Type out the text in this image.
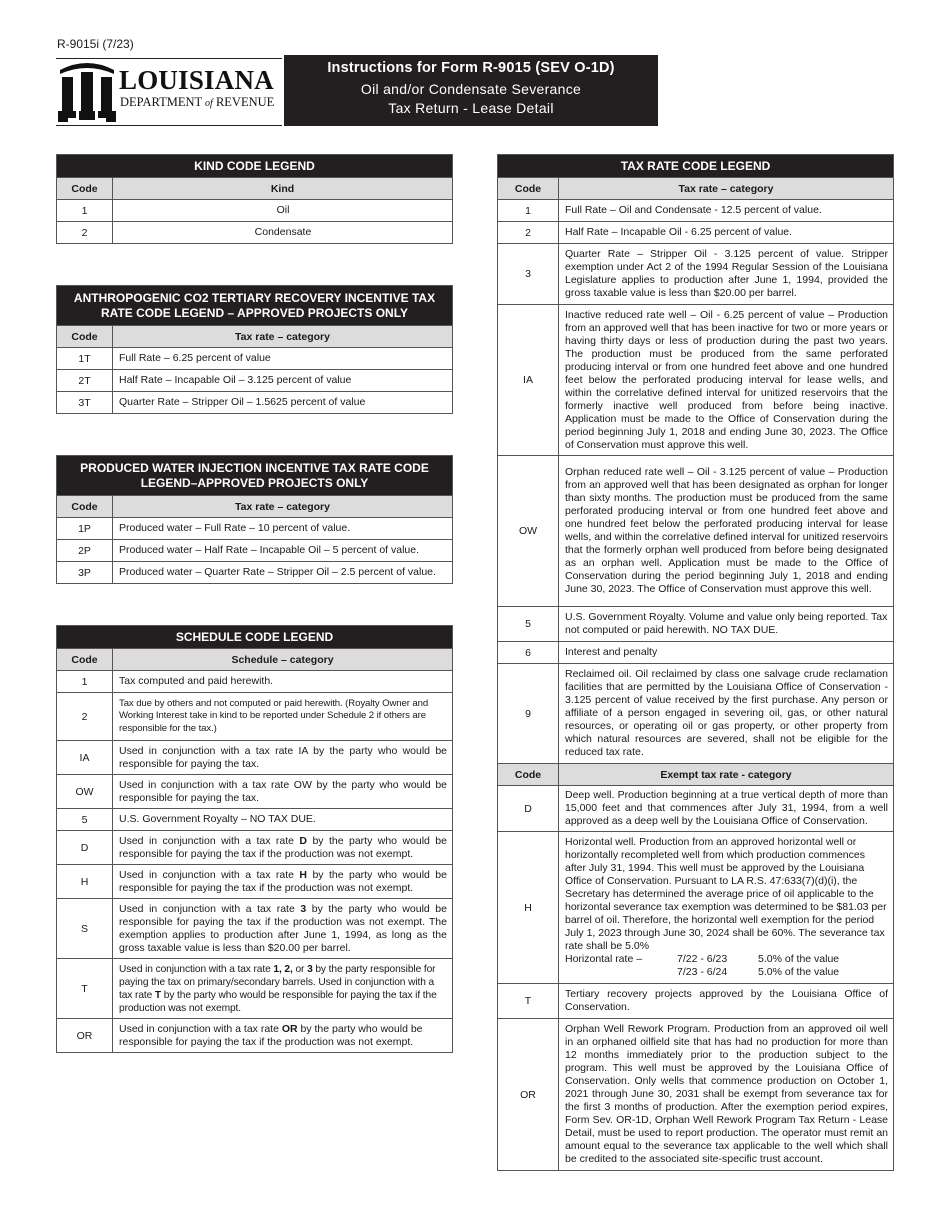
R-9015i (7/23)
LOUISIANA
DEPARTMENT of REVENUE
Instructions for Form R-9015 (SEV O-1D)
Oil and/or Condensate Severance
Tax Return - Lease Detail
KIND CODE LEGEND	
Code	Kind
1	Oil
2	Condensate
ANTHROPOGENIC CO2 TERTIARY RECOVERY INCENTIVE TAX RATE CODE LEGEND – APPROVED PROJECTS ONLY	
Code	Tax rate – category
1T	Full Rate – 6.25 percent of value
2T	Half Rate – Incapable Oil – 3.125 percent of value
3T	Quarter Rate – Stripper Oil – 1.5625 percent of value
PRODUCED WATER INJECTION INCENTIVE TAX RATE CODE LEGEND–APPROVED PROJECTS ONLY	
Code	Tax rate – category
1P	Produced water – Full Rate – 10 percent of value.
2P	Produced water – Half Rate – Incapable Oil – 5 percent of value.
3P	Produced water – Quarter Rate – Stripper Oil – 2.5 percent of value.
SCHEDULE CODE LEGEND	
Code	Schedule – category
1	Tax computed and paid herewith.
2	Tax due by others and not computed or paid herewith. (Royalty Owner and Working Interest take in kind to be reported under Schedule 2 if others are responsible for the tax.)
IA	Used in conjunction with a tax rate IA by the party who would be responsible for paying the tax.
OW	Used in conjunction with a tax rate OW by the party who would be responsible for paying the tax.
5	U.S. Government Royalty – NO TAX DUE.
D	Used in conjunction with a tax rate D by the party who would be responsible for paying the tax if the production was not exempt.
H	Used in conjunction with a tax rate H by the party who would be responsible for paying the tax if the production was not exempt.
S	Used in conjunction with a tax rate 3 by the party who would be responsible for paying the tax if the production was not exempt. The exemption applies to production after June 1, 1994, as long as the gross taxable value is less than $20.00 per barrel.
T	Used in conjunction with a tax rate 1, 2, or 3 by the party responsible for paying the tax on primary/secondary barrels. Used in conjunction with a tax rate T by the party who would be responsible for paying the tax if the production was not exempt.
OR	Used in conjunction with a tax rate OR by the party who would be responsible for paying the tax if the production was not exempt.
TAX RATE CODE LEGEND	
Code	Tax rate – category
1	Full Rate – Oil and Condensate - 12.5 percent of value.
2	Half Rate – Incapable Oil - 6.25 percent of value.
3	Quarter Rate – Stripper Oil - 3.125 percent of value. Stripper exemption under Act 2 of the 1994 Regular Session of the Louisiana Legislature applies to production after June 1, 1994, provided the gross taxable value is less than $20.00 per barrel.
IA	Inactive reduced rate well – Oil - 6.25 percent of value – Production from an approved well that has been inactive for two or more years or having thirty days or less of production during the past two years. The production must be produced from the same perforated producing interval or from one hundred feet above and one hundred feet below the perforated producing interval for lease wells, and within the correlative defined interval for unitized reservoirs that the formerly inactive well produced from before being inactive. Application must be made to the Office of Conservation during the period beginning July 1, 2018 and ending June 30, 2023. The Office of Conservation must approve this well.
OW	Orphan reduced rate well – Oil - 3.125 percent of value – Production from an approved well that has been designated as orphan for longer than sixty months. The production must be produced from the same perforated producing interval or from one hundred feet above and one hundred feet below the perforated producing interval for lease wells, and within the correlative defined interval for unitized reservoirs that the formerly orphan well produced from before being designated as an orphan well. Application must be made to the Office of Conservation during the period beginning July 1, 2018 and ending June 30, 2023. The Office of Conservation must approve this well.
5	U.S. Government Royalty. Volume and value only being reported. Tax not computed or paid herewith. NO TAX DUE.
6	Interest and penalty
9	Reclaimed oil. Oil reclaimed by class one salvage crude reclamation facilities that are permitted by the Louisiana Office of Conservation - 3.125 percent of value received by the first purchase. Any person or affiliate of a person engaged in severing oil, gas, or other natural resources, or operating oil or gas property, or other property from which natural resources are severed, shall not be eligible for the reduced tax rate.
Code	Exempt tax rate - category
D	Deep well. Production beginning at a true vertical depth of more than 15,000 feet and that commences after July 31, 1994, from a well approved as a deep well by the Louisiana Office of Conservation.
H	Horizontal well. Production from an approved horizontal well or horizontally recompleted well from which production commences after July 31, 1994. This well must be approved by the Louisiana Office of Conservation. Pursuant to LA R.S. 47:633(7)(d)(i), the Secretary has determined the average price of oil applicable to the horizontal severance tax exemption was determined to be $81.03 per barrel of oil. Therefore, the horizontal well exemption for the period July 1, 2023 through June 30, 2024 shall be 60%. The severance tax rate shall be 5.0%
Horizontal rate – 7/22 - 6/23 5.0% of the value
7/23 - 6/24 5.0% of the value

T	Tertiary recovery projects approved by the Louisiana Office of Conservation.
OR	Orphan Well Rework Program. Production from an approved oil well in an orphaned oilfield site that has had no production for more than 12 months immediately prior to the production subject to the program. This well must be approved by the Louisiana Office of Conservation. Only wells that commence production on October 1, 2021 through June 30, 2031 shall be exempt from severance tax for the first 3 months of production. After the exemption period expires, Form Sev. OR-1D, Orphan Well Rework Program Tax Return - Lease Detail, must be used to report production. The operator must remit an amount equal to the severance tax applicable to the well which shall be credited to the associated site-specific trust account.
